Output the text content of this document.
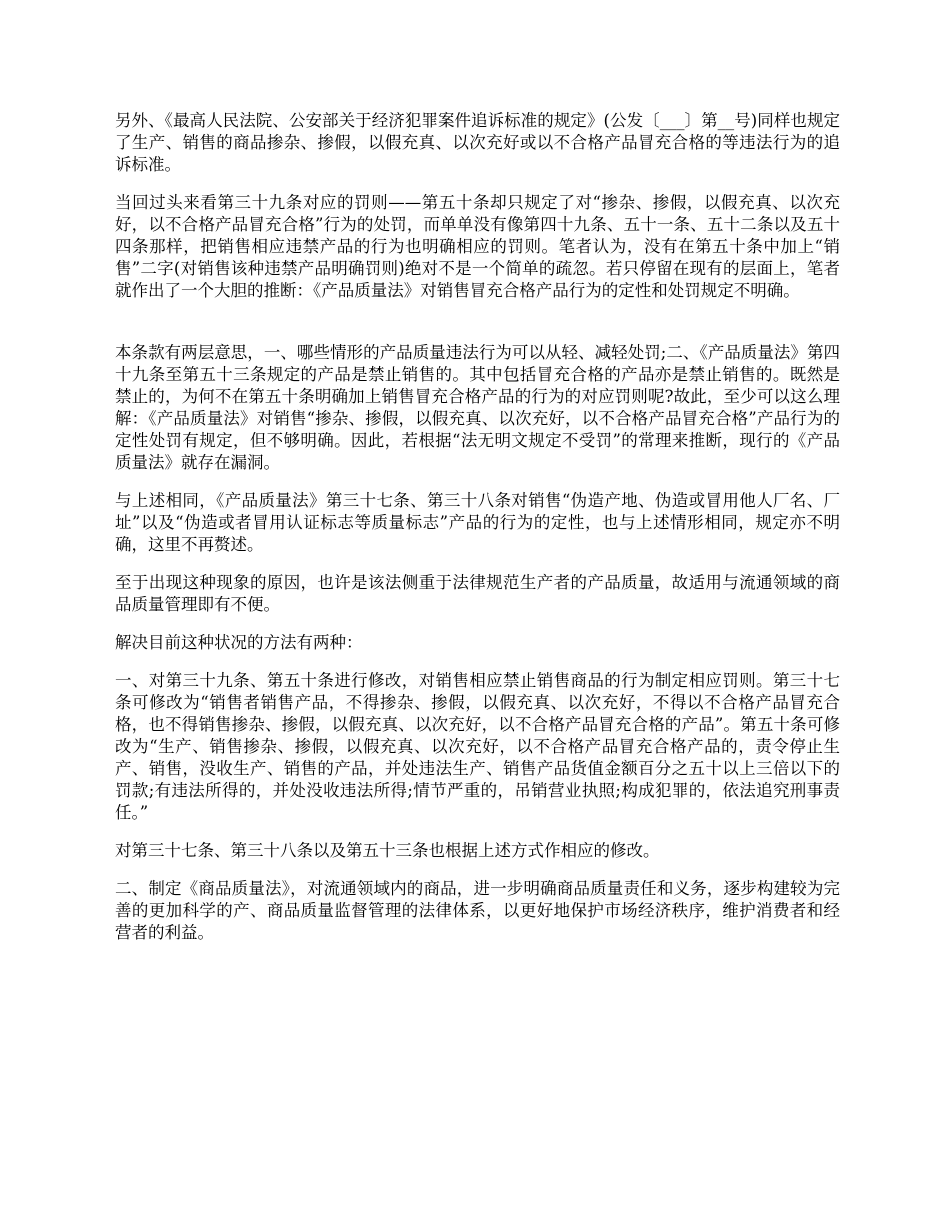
另外、《最高人民法院、公安部关于经济犯罪案件追诉标准的规定》(公发〔___〕第__号)同样也规定了生产、销售的商品掺杂、掺假，以假充真、以次充好或以不合格产品冒充合格的等违法行为的追诉标准。

当回过头来看第三十九条对应的罚则——第五十条却只规定了对“掺杂、掺假，以假充真、以次充好，以不合格产品冒充合格”行为的处罚，而单单没有像第四十九条、五十一条、五十二条以及五十四条那样，把销售相应违禁产品的行为也明确相应的罚则。笔者认为，没有在第五十条中加上“销售”二字(对销售该种违禁产品明确罚则)绝对不是一个简单的疏忽。若只停留在现有的层面上，笔者就作出了一个大胆的推断：《产品质量法》对销售冒充合格产品行为的定性和处罚规定不明确。

本条款有两层意思，一、哪些情形的产品质量违法行为可以从轻、减轻处罚;二、《产品质量法》第四十九条至第五十三条规定的产品是禁止销售的。其中包括冒充合格的产品亦是禁止销售的。既然是禁止的，为何不在第五十条明确加上销售冒充合格产品的行为的对应罚则呢?故此，至少可以这么理解：《产品质量法》对销售“掺杂、掺假，以假充真、以次充好，以不合格产品冒充合格”产品行为的定性处罚有规定，但不够明确。因此，若根据“法无明文规定不受罚”的常理来推断，现行的《产品质量法》就存在漏洞。

与上述相同，《产品质量法》第三十七条、第三十八条对销售“伪造产地、伪造或冒用他人厂名、厂址”以及“伪造或者冒用认证标志等质量标志”产品的行为的定性，也与上述情形相同，规定亦不明确，这里不再赘述。

至于出现这种现象的原因，也许是该法侧重于法律规范生产者的产品质量，故适用与流通领域的商品质量管理即有不便。

解决目前这种状况的方法有两种：

一、对第三十九条、第五十条进行修改，对销售相应禁止销售商品的行为制定相应罚则。第三十七条可修改为“销售者销售产品，不得掺杂、掺假，以假充真、以次充好，不得以不合格产品冒充合格，也不得销售掺杂、掺假，以假充真、以次充好，以不合格产品冒充合格的产品”。第五十条可修改为“生产、销售掺杂、掺假，以假充真、以次充好，以不合格产品冒充合格产品的，责令停止生产、销售，没收生产、销售的产品，并处违法生产、销售产品货值金额百分之五十以上三倍以下的罚款;有违法所得的，并处没收违法所得;情节严重的，吊销营业执照;构成犯罪的，依法追究刑事责任。”

对第三十七条、第三十八条以及第五十三条也根据上述方式作相应的修改。

二、制定《商品质量法》，对流通领域内的商品，进一步明确商品质量责任和义务，逐步构建较为完善的更加科学的产、商品质量监督管理的法律体系，以更好地保护市场经济秩序，维护消费者和经营者的利益。
